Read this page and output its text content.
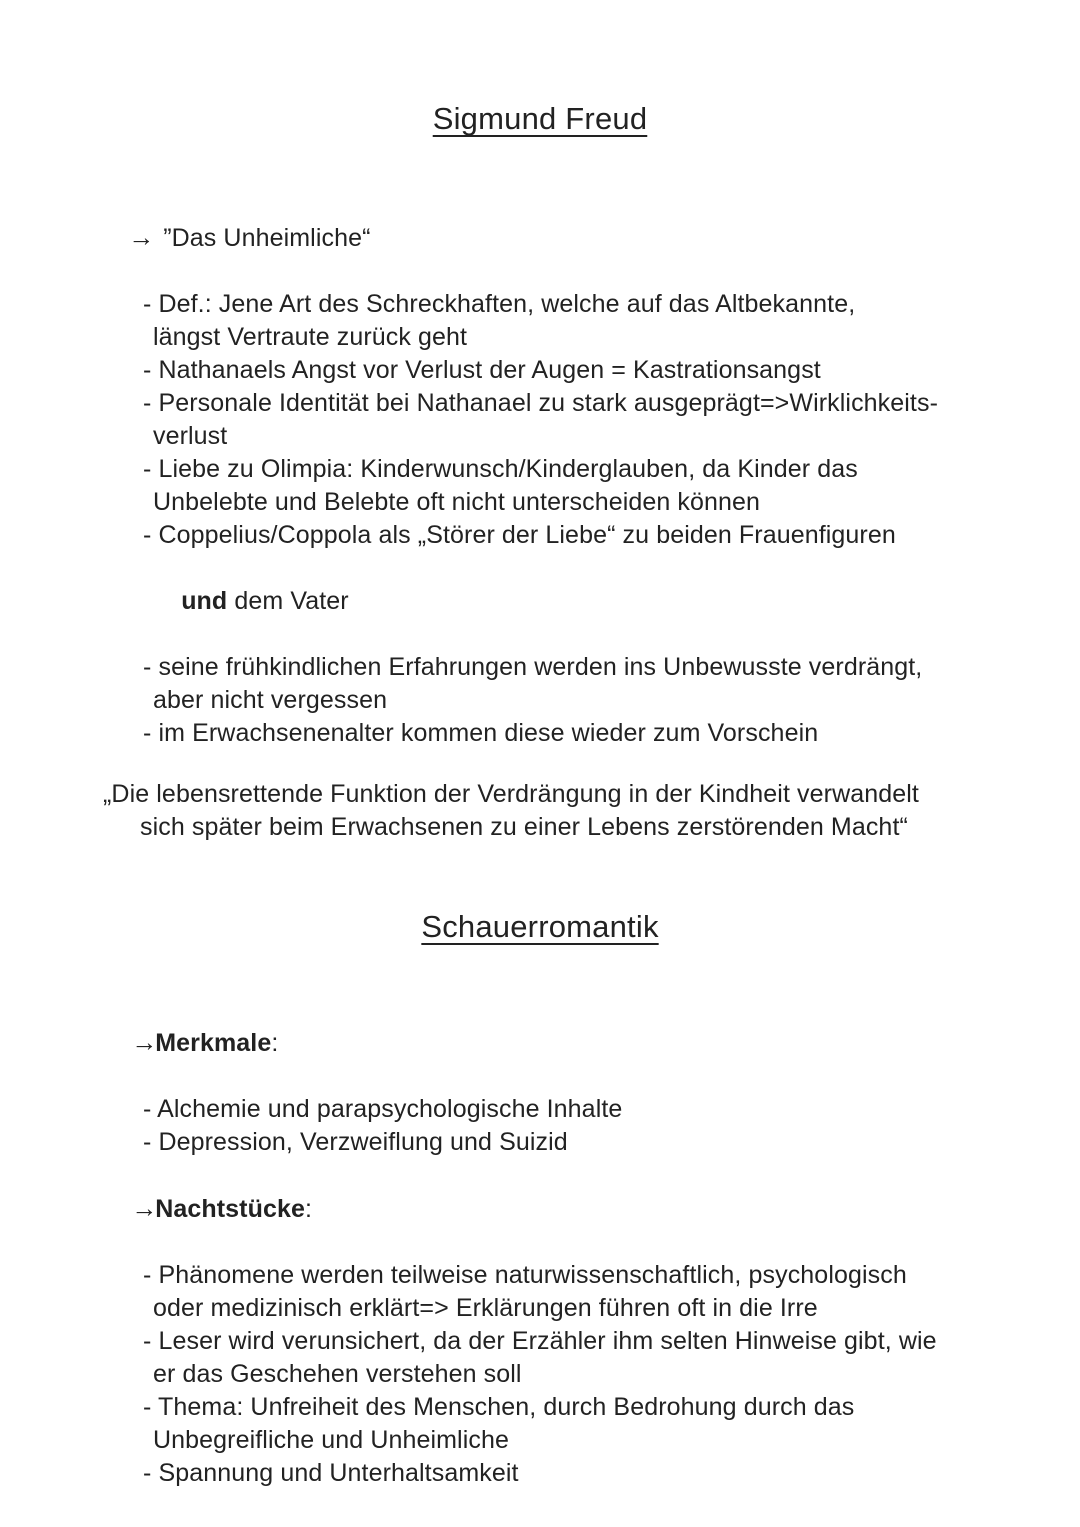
Sigmund Freud

→ ”Das Unheimliche“

- Def.: Jene Art des Schreckhaften, welche auf das Altbekannte,
längst Vertraute zurück geht
- Nathanaels Angst vor Verlust der Augen = Kastrationsangst
- Personale Identität bei Nathanael zu stark ausgeprägt=>Wirklichkeits-
verlust
- Liebe zu Olimpia: Kinderwunsch/Kinderglauben, da Kinder das
Unbelebte und Belebte oft nicht unterscheiden können
- Coppelius/Coppola als „Störer der Liebe“ zu beiden Frauenfiguren

und dem Vater

- seine frühkindlichen Erfahrungen werden ins Unbewusste verdrängt,
aber nicht vergessen
- im Erwachsenenalter kommen diese wieder zum Vorschein
„Die lebensrettende Funktion der Verdrängung in der Kindheit verwandelt
sich später beim Erwachsenen zu einer Lebens zerstörenden Macht“
Schauerromantik

→Merkmale:

- Alchemie und parapsychologische Inhalte
- Depression, Verzweiflung und Suizid

→Nachtstücke:

- Phänomene werden teilweise naturwissenschaftlich, psychologisch
oder medizinisch erklärt=> Erklärungen führen oft in die Irre
- Leser wird verunsichert, da der Erzähler ihm selten Hinweise gibt, wie
er das Geschehen verstehen soll
- Thema: Unfreiheit des Menschen, durch Bedrohung durch das
Unbegreifliche und Unheimliche
- Spannung und Unterhaltsamkeit
